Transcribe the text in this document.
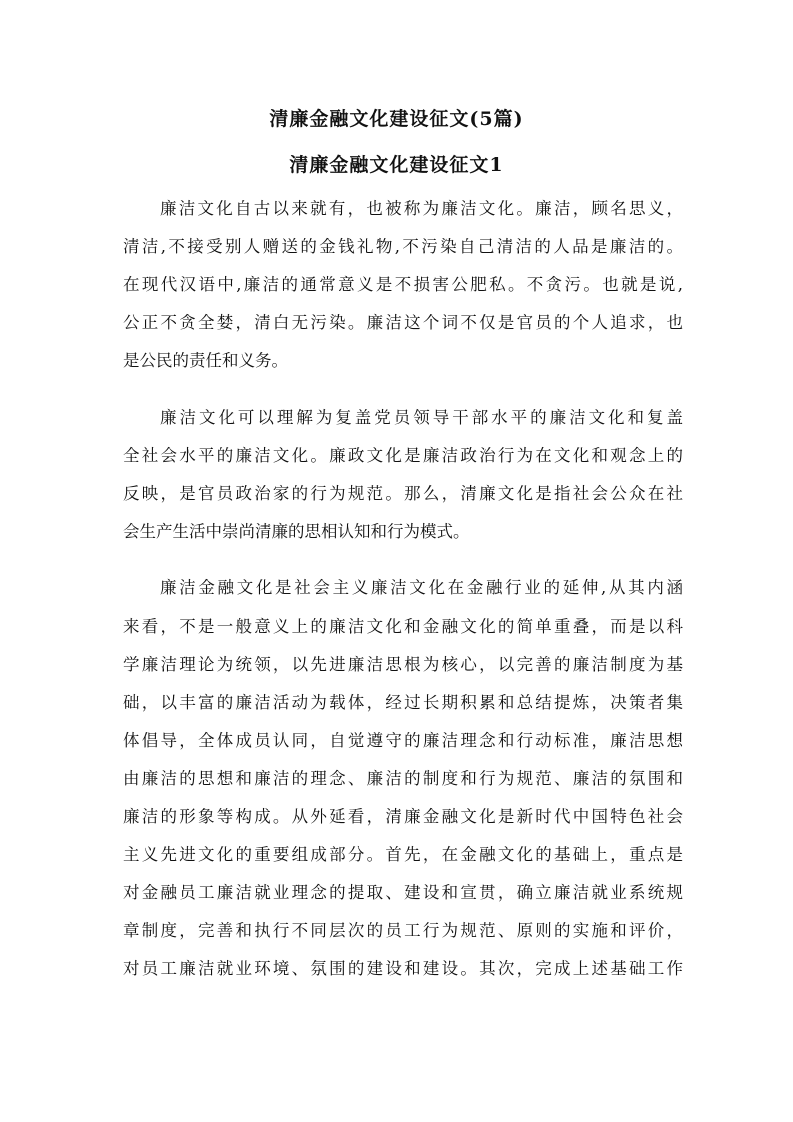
清廉金融文化建设征文(5篇)
清廉金融文化建设征文1
廉洁文化自古以来就有，也被称为廉洁文化。廉洁，顾名思义，
清洁,不接受别人赠送的金钱礼物,不污染自己清洁的人品是廉洁的。
在现代汉语中,廉洁的通常意义是不损害公肥私。不贪污。也就是说,
公正不贪全婪，清白无污染。廉洁这个词不仅是官员的个人追求，也
是公民的责任和义务。
廉洁文化可以理解为复盖党员领导干部水平的廉洁文化和复盖
全社会水平的廉洁文化。廉政文化是廉洁政治行为在文化和观念上的
反映，是官员政治家的行为规范。那么，清廉文化是指社会公众在社
会生产生活中崇尚清廉的思相认知和行为模式。
廉洁金融文化是社会主义廉洁文化在金融行业的延伸,从其内涵
来看，不是一般意义上的廉洁文化和金融文化的简单重叠，而是以科
学廉洁理论为统领，以先进廉洁思根为核心，以完善的廉洁制度为基
础，以丰富的廉洁活动为载体，经过长期积累和总结提炼，决策者集
体倡导，全体成员认同，自觉遵守的廉洁理念和行动标准，廉洁思想
由廉洁的思想和廉洁的理念、廉洁的制度和行为规范、廉洁的氛围和
廉洁的形象等构成。从外延看，清廉金融文化是新时代中国特色社会
主义先进文化的重要组成部分。首先，在金融文化的基础上，重点是
对金融员工廉洁就业理念的提取、建设和宣贯，确立廉洁就业系统规
章制度，完善和执行不同层次的员工行为规范、原则的实施和评价，
对员工廉洁就业环境、氛围的建设和建设。其次，完成上述基础工作
